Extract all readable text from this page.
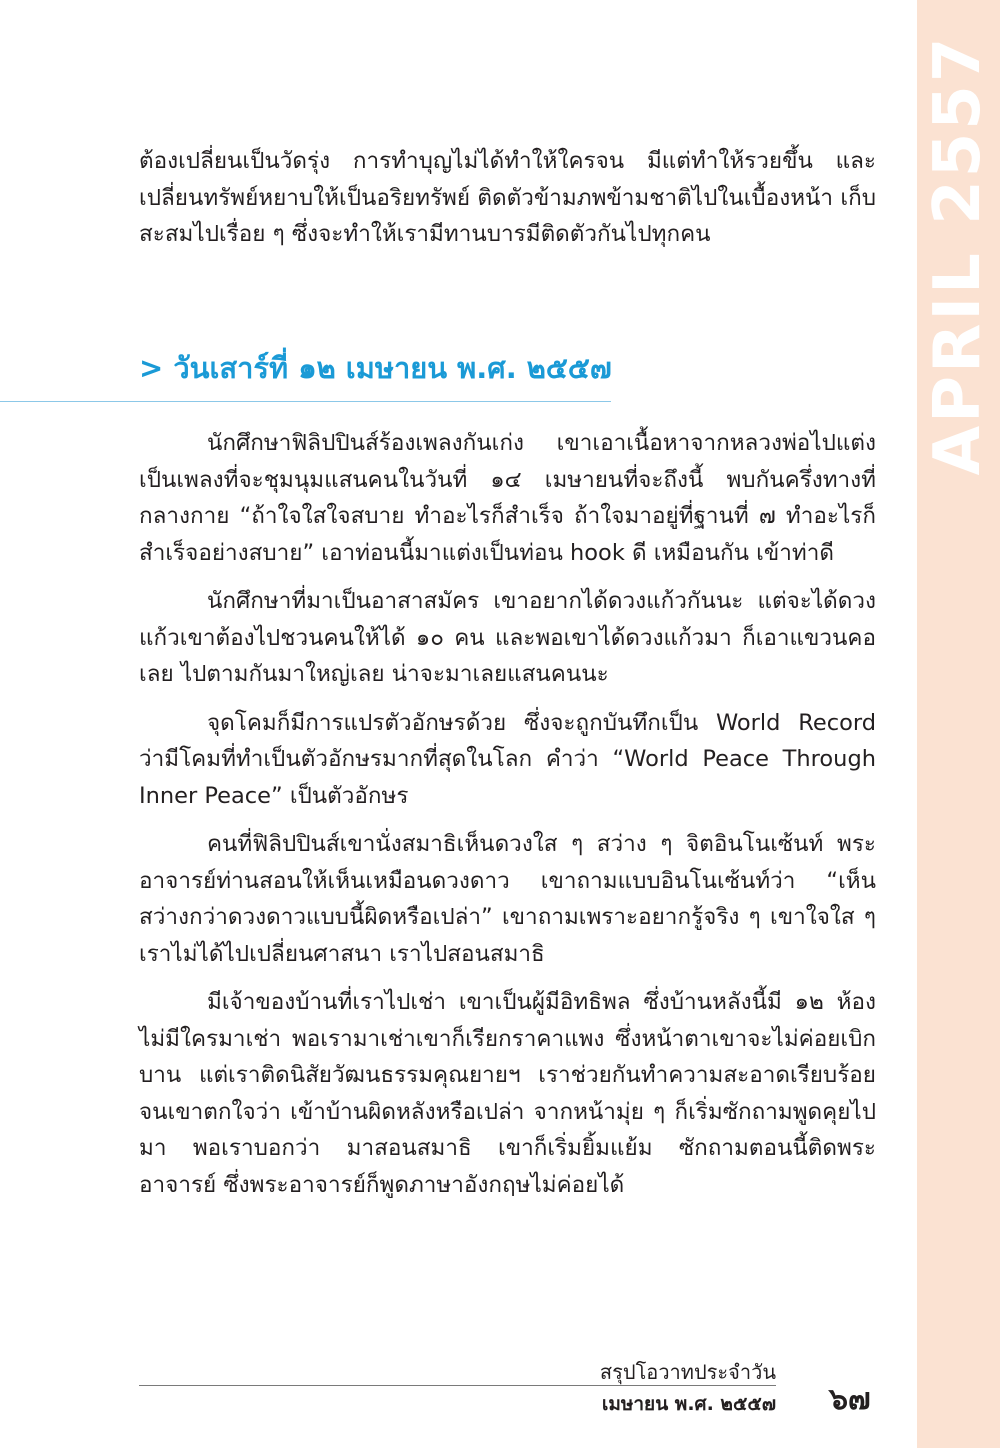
APRIL 2557

ต้องเปลี่ยนเป็นวัดรุ่ง การทำบุญไม่ได้ทำให้ใครจน มีแต่ทำให้รวยขึ้น และเปลี่ยนทรัพย์หยาบให้เป็นอริยทรัพย์ ติดตัวข้ามภพข้ามชาติไปในเบื้องหน้า เก็บสะสมไปเรื่อย ๆ ซึ่งจะทำให้เรามีทานบารมีติดตัวกันไปทุกคน

> วันเสาร์ที่ ๑๒ เมษายน พ.ศ. ๒๕๕๗

นักศึกษาฟิลิปปินส์ร้องเพลงกันเก่ง เขาเอาเนื้อหาจากหลวงพ่อไปแต่งเป็นเพลงที่จะชุมนุมแสนคนในวันที่ ๑๔ เมษายนที่จะถึงนี้ พบกันครึ่งทางที่กลางกาย “ถ้าใจใสใจสบาย ทำอะไรก็สำเร็จ ถ้าใจมาอยู่ที่ฐานที่ ๗ ทำอะไรก็สำเร็จอย่างสบาย” เอาท่อนนี้มาแต่งเป็นท่อน hook ดี เหมือนกัน เข้าท่าดี

นักศึกษาที่มาเป็นอาสาสมัคร เขาอยากได้ดวงแก้วกันนะ แต่จะได้ดวงแก้วเขาต้องไปชวนคนให้ได้ ๑๐ คน และพอเขาได้ดวงแก้วมา ก็เอาแขวนคอเลย ไปตามกันมาใหญ่เลย น่าจะมาเลยแสนคนนะ

จุดโคมก็มีการแปรตัวอักษรด้วย ซึ่งจะถูกบันทึกเป็น World Record ว่ามีโคมที่ทำเป็นตัวอักษรมากที่สุดในโลก คำว่า “World Peace Through Inner Peace” เป็นตัวอักษร

คนที่ฟิลิปปินส์เขานั่งสมาธิเห็นดวงใส ๆ สว่าง ๆ จิตอินโนเซ้นท์ พระอาจารย์ท่านสอนให้เห็นเหมือนดวงดาว เขาถามแบบอินโนเซ้นท์ว่า “เห็นสว่างกว่าดวงดาวแบบนี้ผิดหรือเปล่า” เขาถามเพราะอยากรู้จริง ๆ เขาใจใส ๆ เราไม่ได้ไปเปลี่ยนศาสนา เราไปสอนสมาธิ

มีเจ้าของบ้านที่เราไปเช่า เขาเป็นผู้มีอิทธิพล ซึ่งบ้านหลังนี้มี ๑๒ ห้อง ไม่มีใครมาเช่า พอเรามาเช่าเขาก็เรียกราคาแพง ซึ่งหน้าตาเขาจะไม่ค่อยเบิกบาน แต่เราติดนิสัยวัฒนธรรมคุณยายฯ เราช่วยกันทำความสะอาดเรียบร้อย จนเขาตกใจว่า เข้าบ้านผิดหลังหรือเปล่า จากหน้ามุ่ย ๆ ก็เริ่มซักถามพูดคุยไปมา พอเราบอกว่า มาสอนสมาธิ เขาก็เริ่มยิ้มแย้ม ซักถามตอนนี้ติดพระอาจารย์ ซึ่งพระอาจารย์ก็พูดภาษาอังกฤษไม่ค่อยได้

สรุปโอวาทประจำวัน
เมษายน พ.ศ. ๒๕๕๗ ๖๗
